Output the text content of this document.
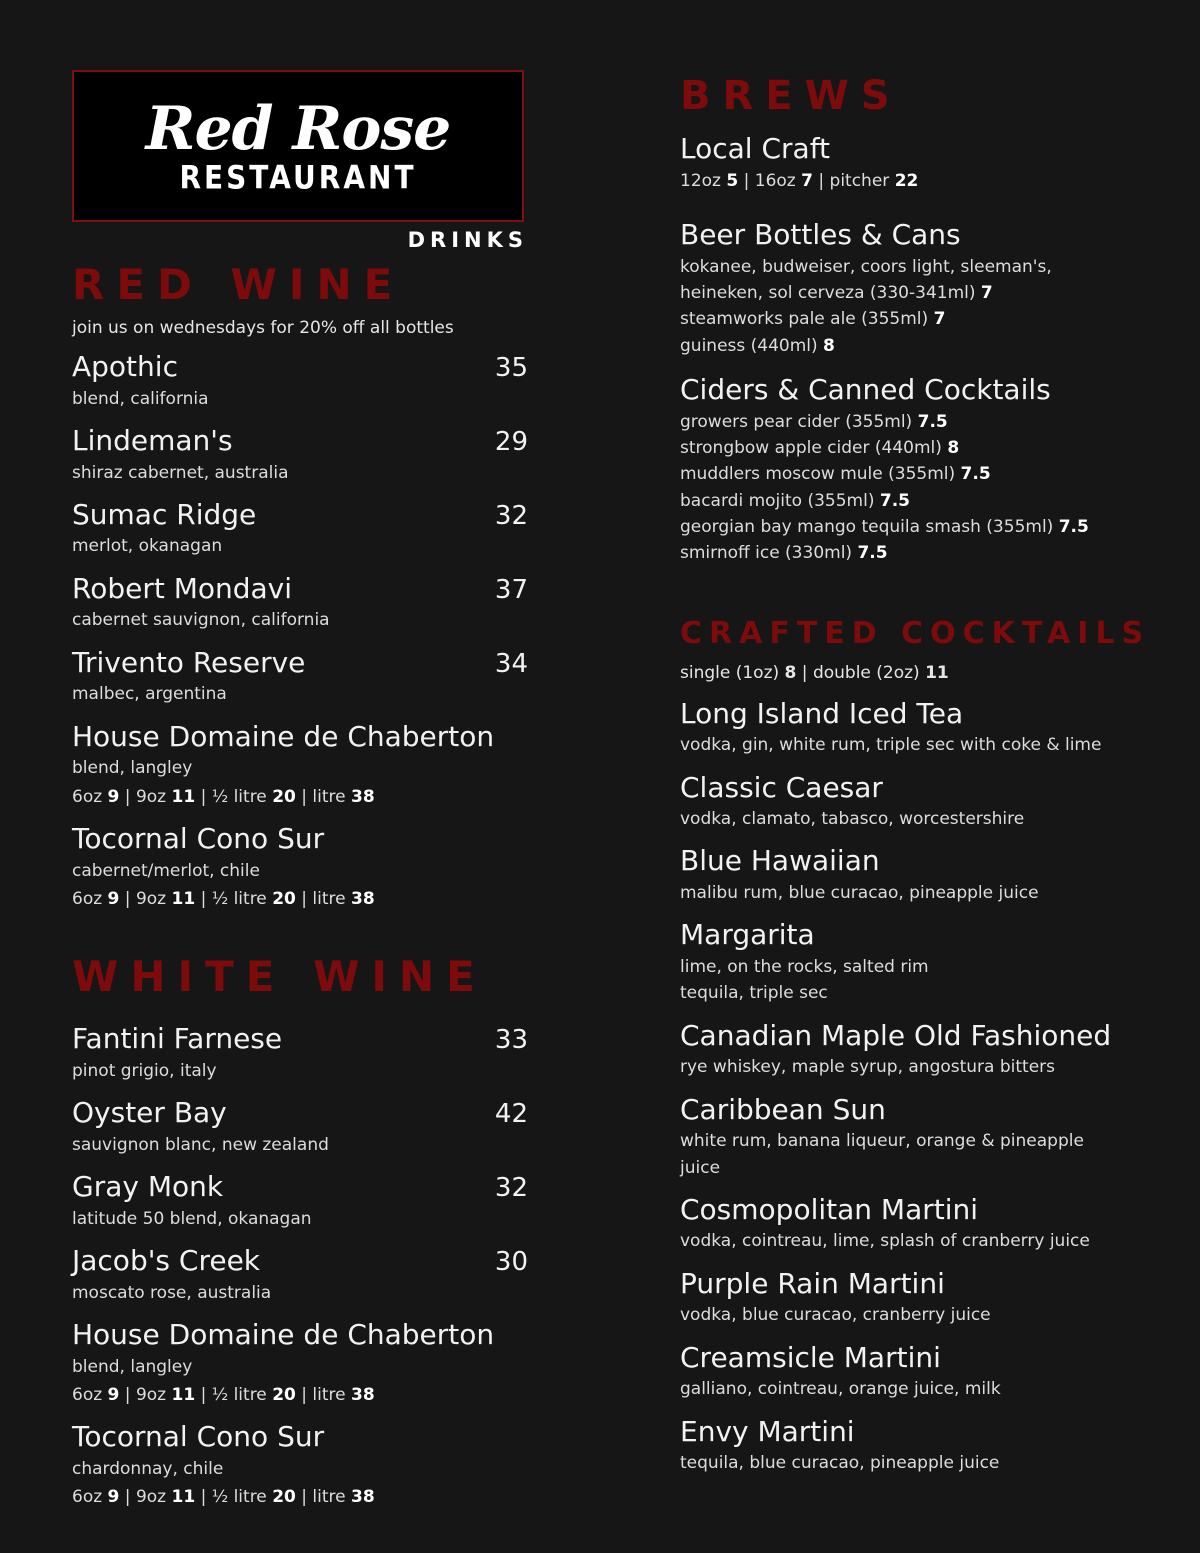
Red Rose
RESTAURANT
DRINKS
RED WINE
join us on wednesdays for 20% off all bottles
Apothic	35
blend, california
Lindeman's	29
shiraz cabernet, australia
Sumac Ridge	32
merlot, okanagan
Robert Mondavi	37
cabernet sauvignon, california
Trivento Reserve	34
malbec, argentina
House Domaine de Chaberton
blend, langley
6oz 9 | 9oz 11 | ½ litre 20 | litre 38
Tocornal Cono Sur
cabernet/merlot, chile
6oz 9 | 9oz 11 | ½ litre 20 | litre 38
WHITE WINE
Fantini Farnese	33
pinot grigio, italy
Oyster Bay	42
sauvignon blanc, new zealand
Gray Monk	32
latitude 50 blend, okanagan
Jacob's Creek	30
moscato rose, australia
House Domaine de Chaberton
blend, langley
6oz 9 | 9oz 11 | ½ litre 20 | litre 38
Tocornal Cono Sur
chardonnay, chile
6oz 9 | 9oz 11 | ½ litre 20 | litre 38
BREWS
Local Craft
12oz 5 | 16oz 7 | pitcher 22
Beer Bottles & Cans
kokanee, budweiser, coors light, sleeman's,
heineken, sol cerveza (330-341ml) 7
steamworks pale ale (355ml) 7
guiness (440ml) 8
Ciders & Canned Cocktails
growers pear cider (355ml) 7.5
strongbow apple cider (440ml) 8
muddlers moscow mule (355ml) 7.5
bacardi mojito (355ml) 7.5
georgian bay mango tequila smash (355ml) 7.5
smirnoff ice (330ml) 7.5
CRAFTED COCKTAILS
single (1oz) 8 | double (2oz) 11
Long Island Iced Tea
vodka, gin, white rum, triple sec with coke & lime
Classic Caesar
vodka, clamato, tabasco, worcestershire
Blue Hawaiian
malibu rum, blue curacao, pineapple juice
Margarita
lime, on the rocks, salted rim
tequila, triple sec
Canadian Maple Old Fashioned
rye whiskey, maple syrup, angostura bitters
Caribbean Sun
white rum, banana liqueur, orange & pineapple
juice
Cosmopolitan Martini
vodka, cointreau, lime, splash of cranberry juice
Purple Rain Martini
vodka, blue curacao, cranberry juice
Creamsicle Martini
galliano, cointreau, orange juice, milk
Envy Martini
tequila, blue curacao, pineapple juice
